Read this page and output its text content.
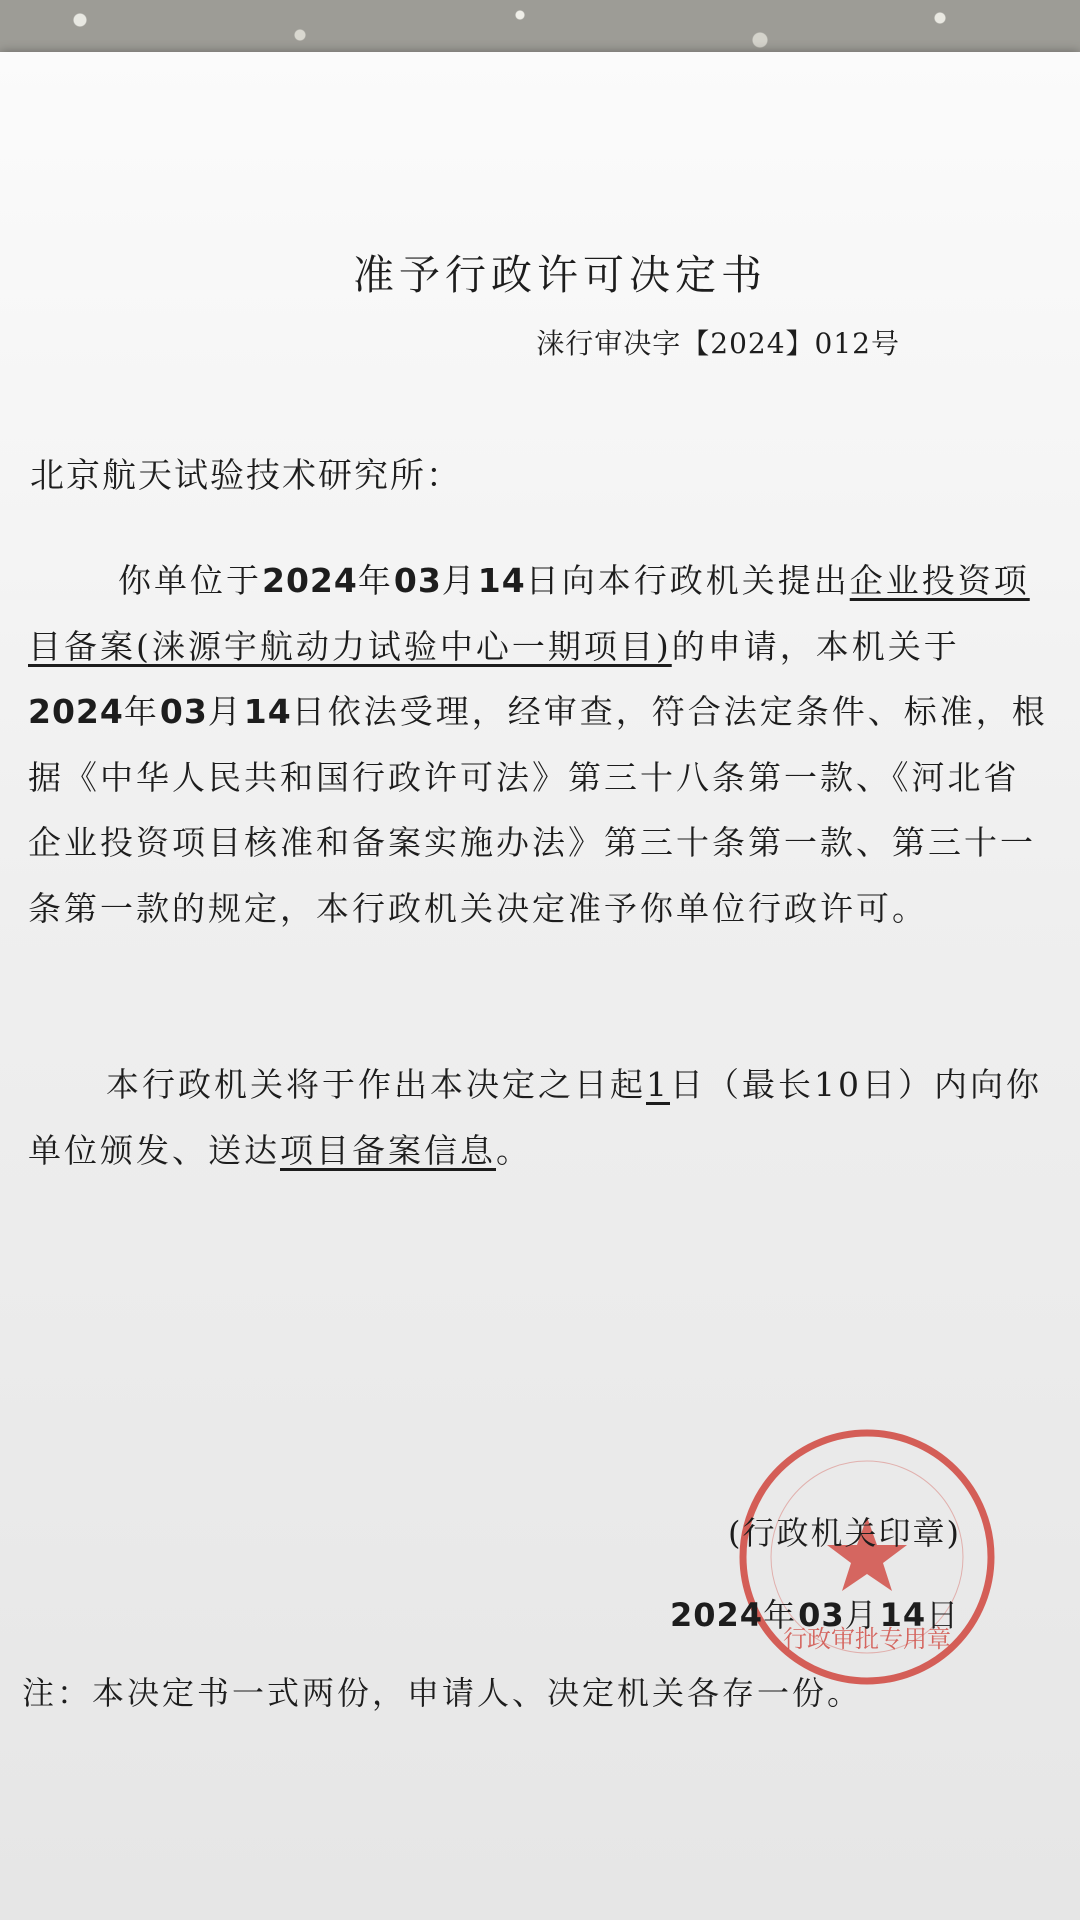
准予行政许可决定书
涞行审决字【2024】012号
北京航天试验技术研究所：

你单位于2024年03月14日向本行政机关提出企业投资项目备案(涞源宇航动力试验中心一期项目)的申请，本机关于2024年03月14日依法受理，经审查，符合法定条件、标准，根据《中华人民共和国行政许可法》第三十八条第一款、《河北省企业投资项目核准和备案实施办法》第三十条第一款、第三十一条第一款的规定，本行政机关决定准予你单位行政许可。

本行政机关将于作出本决定之日起1日（最长10日）内向你单位颁发、送达项目备案信息。

行政审批专用章
(行政机关印章)
2024年03月14日
注：本决定书一式两份，申请人、决定机关各存一份。
